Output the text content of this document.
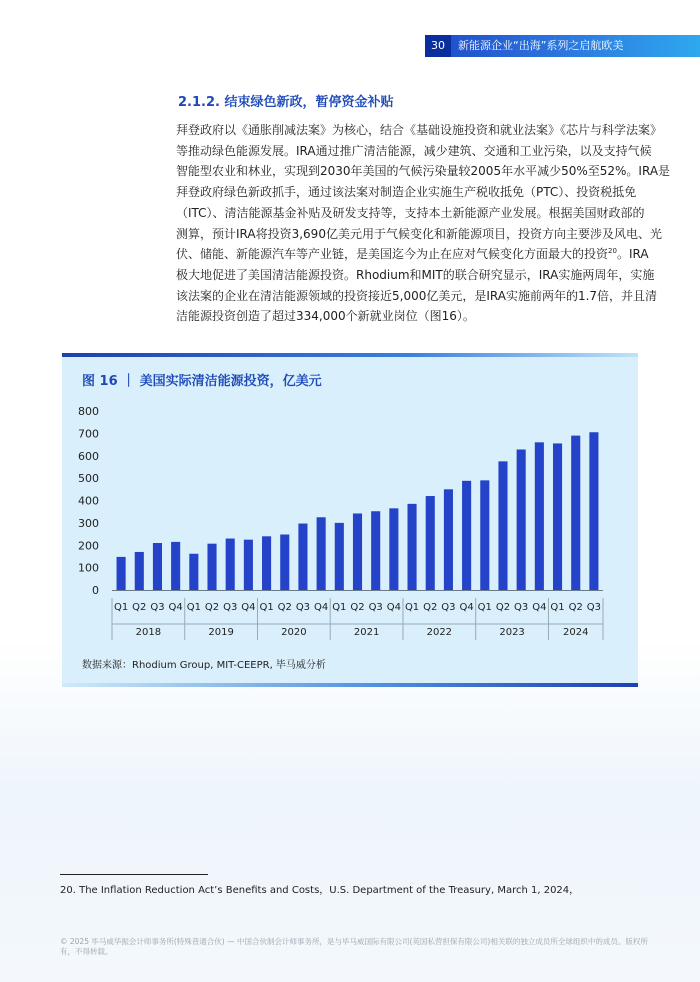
30	新能源企业“出海”系列之启航欧美
2.1.2. 结束绿色新政，暂停资金补贴
拜登政府以《通胀削减法案》为核心，结合《基础设施投资和就业法案》《芯片与科学法案》
等推动绿色能源发展。IRA通过推广清洁能源，减少建筑、交通和工业污染，以及支持气候
智能型农业和林业，实现到2030年美国的气候污染量较2005年水平减少50%至52%。IRA是
拜登政府绿色新政抓手，通过该法案对制造企业实施生产税收抵免（PTC）、投资税抵免
（ITC）、清洁能源基金补贴及研发支持等，支持本土新能源产业发展。根据美国财政部的
测算，预计IRA将投资3,690亿美元用于气候变化和新能源项目，投资方向主要涉及风电、光
伏、储能、新能源汽车等产业链，是美国迄今为止在应对气候变化方面最大的投资$^{20}$。IRA
极大地促进了美国清洁能源投资。Rhodium和MIT的联合研究显示，IRA实施两周年，实施
该法案的企业在清洁能源领域的投资接近5,000亿美元，是IRA实施前两年的1.7倍，并且清
洁能源投资创造了超过334,000个新就业岗位（图16）。
图 16 ｜ 美国实际清洁能源投资，亿美元
0
100
200
300
400
500
600
700
800
Q1 Q2 Q3 Q4 Q1 Q2 Q3 Q4 Q1 Q2 Q3 Q4 Q1 Q2 Q3 Q4 Q1 Q2 Q3 Q4 Q1 Q2 Q3 Q4 Q1 Q2 Q3
2018	2019	2020	2021	2022	2023	2024
数据来源：Rhodium Group, MIT-CEEPR, 毕马威分析
20. The Inflation Reduction Act’s Benefits and Costs，U.S. Department of the Treasury, March 1, 2024，
© 2025 毕马威华振会计师事务所(特殊普通合伙) — 中国合伙制会计师事务所，是与毕马威国际有限公司(英国私营担保有限公司)相关联的独立成员所全球组织中的成员。版权所有，不得转载。
